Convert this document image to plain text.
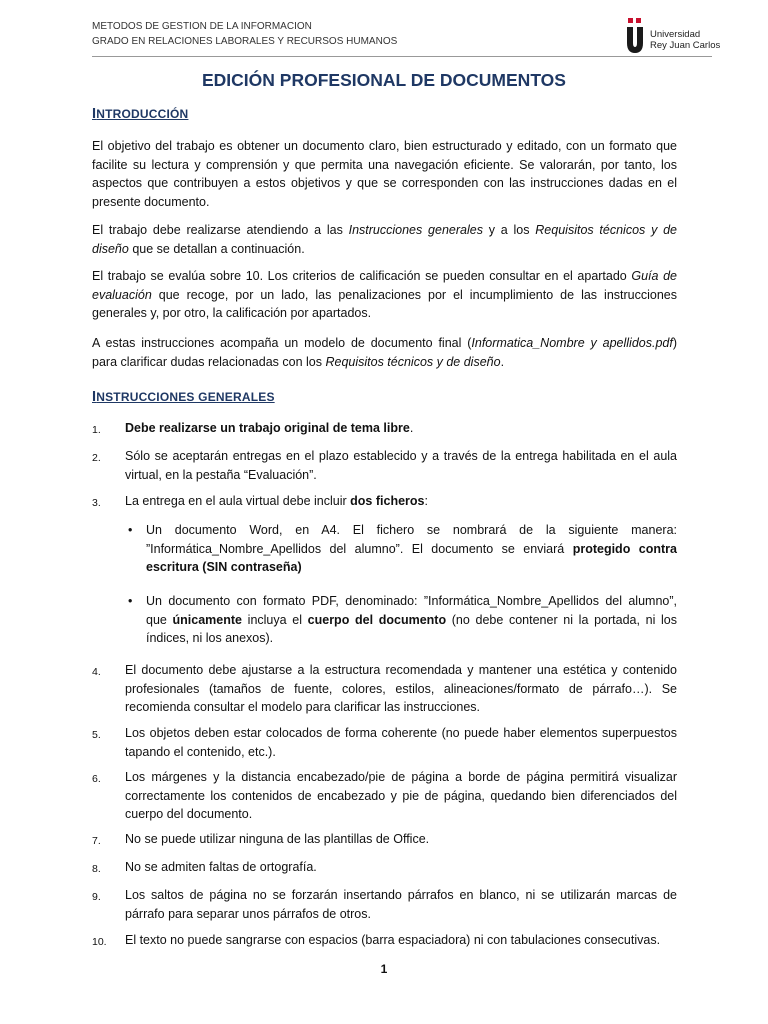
METODOS DE GESTION DE LA INFORMACION
GRADO EN RELACIONES LABORALES Y RECURSOS HUMANOS
Universidad
Rey Juan Carlos
EDICIÓN PROFESIONAL DE DOCUMENTOS
INTRODUCCIÓN

El objetivo del trabajo es obtener un documento claro, bien estructurado y editado, con un formato que facilite su lectura y comprensión y que permita una navegación eficiente. Se valorarán, por tanto, los aspectos que contribuyen a estos objetivos y que se corresponden con las instrucciones dadas en el presente documento.

El trabajo debe realizarse atendiendo a las Instrucciones generales y a los Requisitos técnicos y de diseño que se detallan a continuación.

El trabajo se evalúa sobre 10. Los criterios de calificación se pueden consultar en el apartado Guía de evaluación que recoge, por un lado, las penalizaciones por el incumplimiento de las instrucciones generales y, por otro, la calificación por apartados.

A estas instrucciones acompaña un modelo de documento final (Informatica_Nombre y apellidos.pdf) para clarificar dudas relacionadas con los Requisitos técnicos y de diseño.

INSTRUCCIONES GENERALES
1.	Debe realizarse un trabajo original de tema libre.
2.	Sólo se aceptarán entregas en el plazo establecido y a través de la entrega habilitada en el aula virtual, en la pestaña “Evaluación”.
3.	La entrega en el aula virtual debe incluir dos ficheros:
• Un documento Word, en A4. El fichero se nombrará de la siguiente manera: ”Informática_Nombre_Apellidos del alumno”. El documento se enviará protegido contra escritura (SIN contraseña)
• Un documento con formato PDF, denominado: ”Informática_Nombre_Apellidos del alumno”, que únicamente incluya el cuerpo del documento (no debe contener ni la portada, ni los índices, ni los anexos).
4.	El documento debe ajustarse a la estructura recomendada y mantener una estética y contenido profesionales (tamaños de fuente, colores, estilos, alineaciones/formato de párrafo…). Se recomienda consultar el modelo para clarificar las instrucciones.
5.	Los objetos deben estar colocados de forma coherente (no puede haber elementos superpuestos tapando el contenido, etc.).
6.	Los márgenes y la distancia encabezado/pie de página a borde de página permitirá visualizar correctamente los contenidos de encabezado y pie de página, quedando bien diferenciados del cuerpo del documento.
7.	No se puede utilizar ninguna de las plantillas de Office.
8.	No se admiten faltas de ortografía.
9.	Los saltos de página no se forzarán insertando párrafos en blanco, ni se utilizarán marcas de párrafo para separar unos párrafos de otros.
10.	El texto no puede sangrarse con espacios (barra espaciadora) ni con tabulaciones consecutivas.
1
